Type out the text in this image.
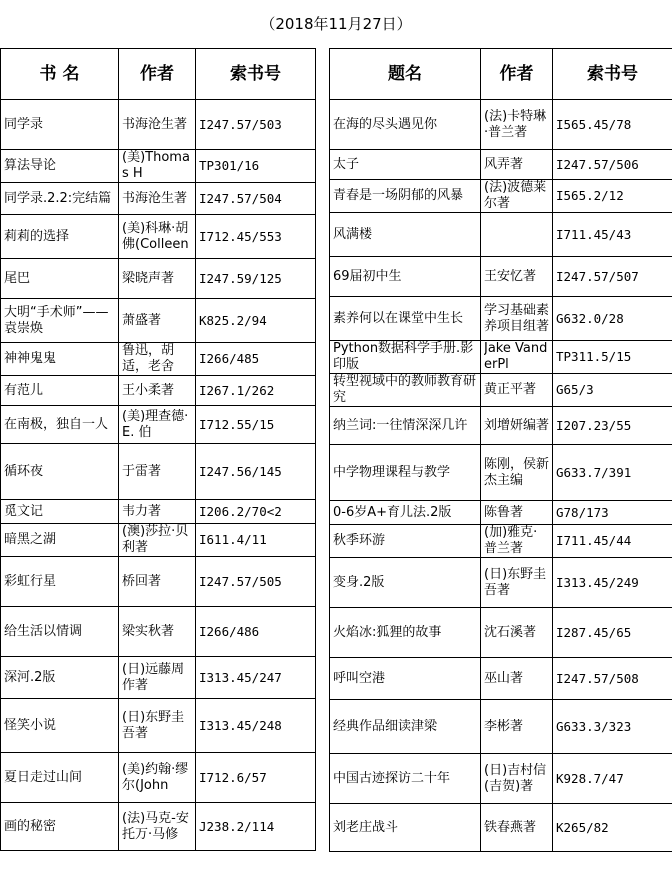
（2018年11月27日）
书 名	作者	索书号

同学录	书海沧生著	I247.57/503

算法导论	(美)Thomas H	TP301/16

同学录.2.2:完结篇	书海沧生著	I247.57/504

莉莉的选择	(美)科琳·胡佛(Colleen	I712.45/553

尾巴	梁晓声著	I247.59/125

大明“手术师”——袁崇焕	萧盛著	K825.2/94

神神鬼鬼	鲁迅，胡适，老舍	I266/485

有范儿	王小柔著	I267.1/262

在南极，独自一人	(美)理查德·E. 伯	I712.55/15

循环夜	于雷著	I247.56/145

觅文记	韦力著	I206.2/70<2

暗黑之湖	(澳)莎拉·贝利著	I611.4/11

彩虹行星	桥回著	I247.57/505

给生活以情调	梁实秋著	I266/486

深河.2版	(日)远藤周作著	I313.45/247

怪笑小说	(日)东野圭吾著	I313.45/248

夏日走过山间	(美)约翰·缪尔(John	I712.6/57

画的秘密	(法)马克-安托万·马修	J238.2/114
题名	作者	索书号

在海的尽头遇见你	(法)卡特琳·普兰著	I565.45/78

太子	风弄著	I247.57/506

青春是一场阴郁的风暴	(法)波德莱尔著	I565.2/12

风满楼		I711.45/43

69届初中生	王安忆著	I247.57/507

素养何以在课堂中生长	学习基础素养项目组著	G632.0/28

Python数据科学手册.影印版	Jake VanderPl	TP311.5/15

转型视域中的教师教育研究	黄正平著	G65/3

纳兰词:一往情深深几许	刘增妍编著	I207.23/55

中学物理课程与教学	陈刚，侯新杰主编	G633.7/391

0-6岁A+育儿法.2版	陈鲁著	G78/173

秋季环游	(加)雅克·普兰著	I711.45/44

变身.2版	(日)东野圭吾著	I313.45/249

火焰冰:狐狸的故事	沈石溪著	I287.45/65

呼叫空港	巫山著	I247.57/508

经典作品细读津梁	李彬著	G633.3/323

中国古迹探访二十年	(日)吉村信(吉贺)著	K928.7/47

刘老庄战斗	铁春燕著	K265/82
